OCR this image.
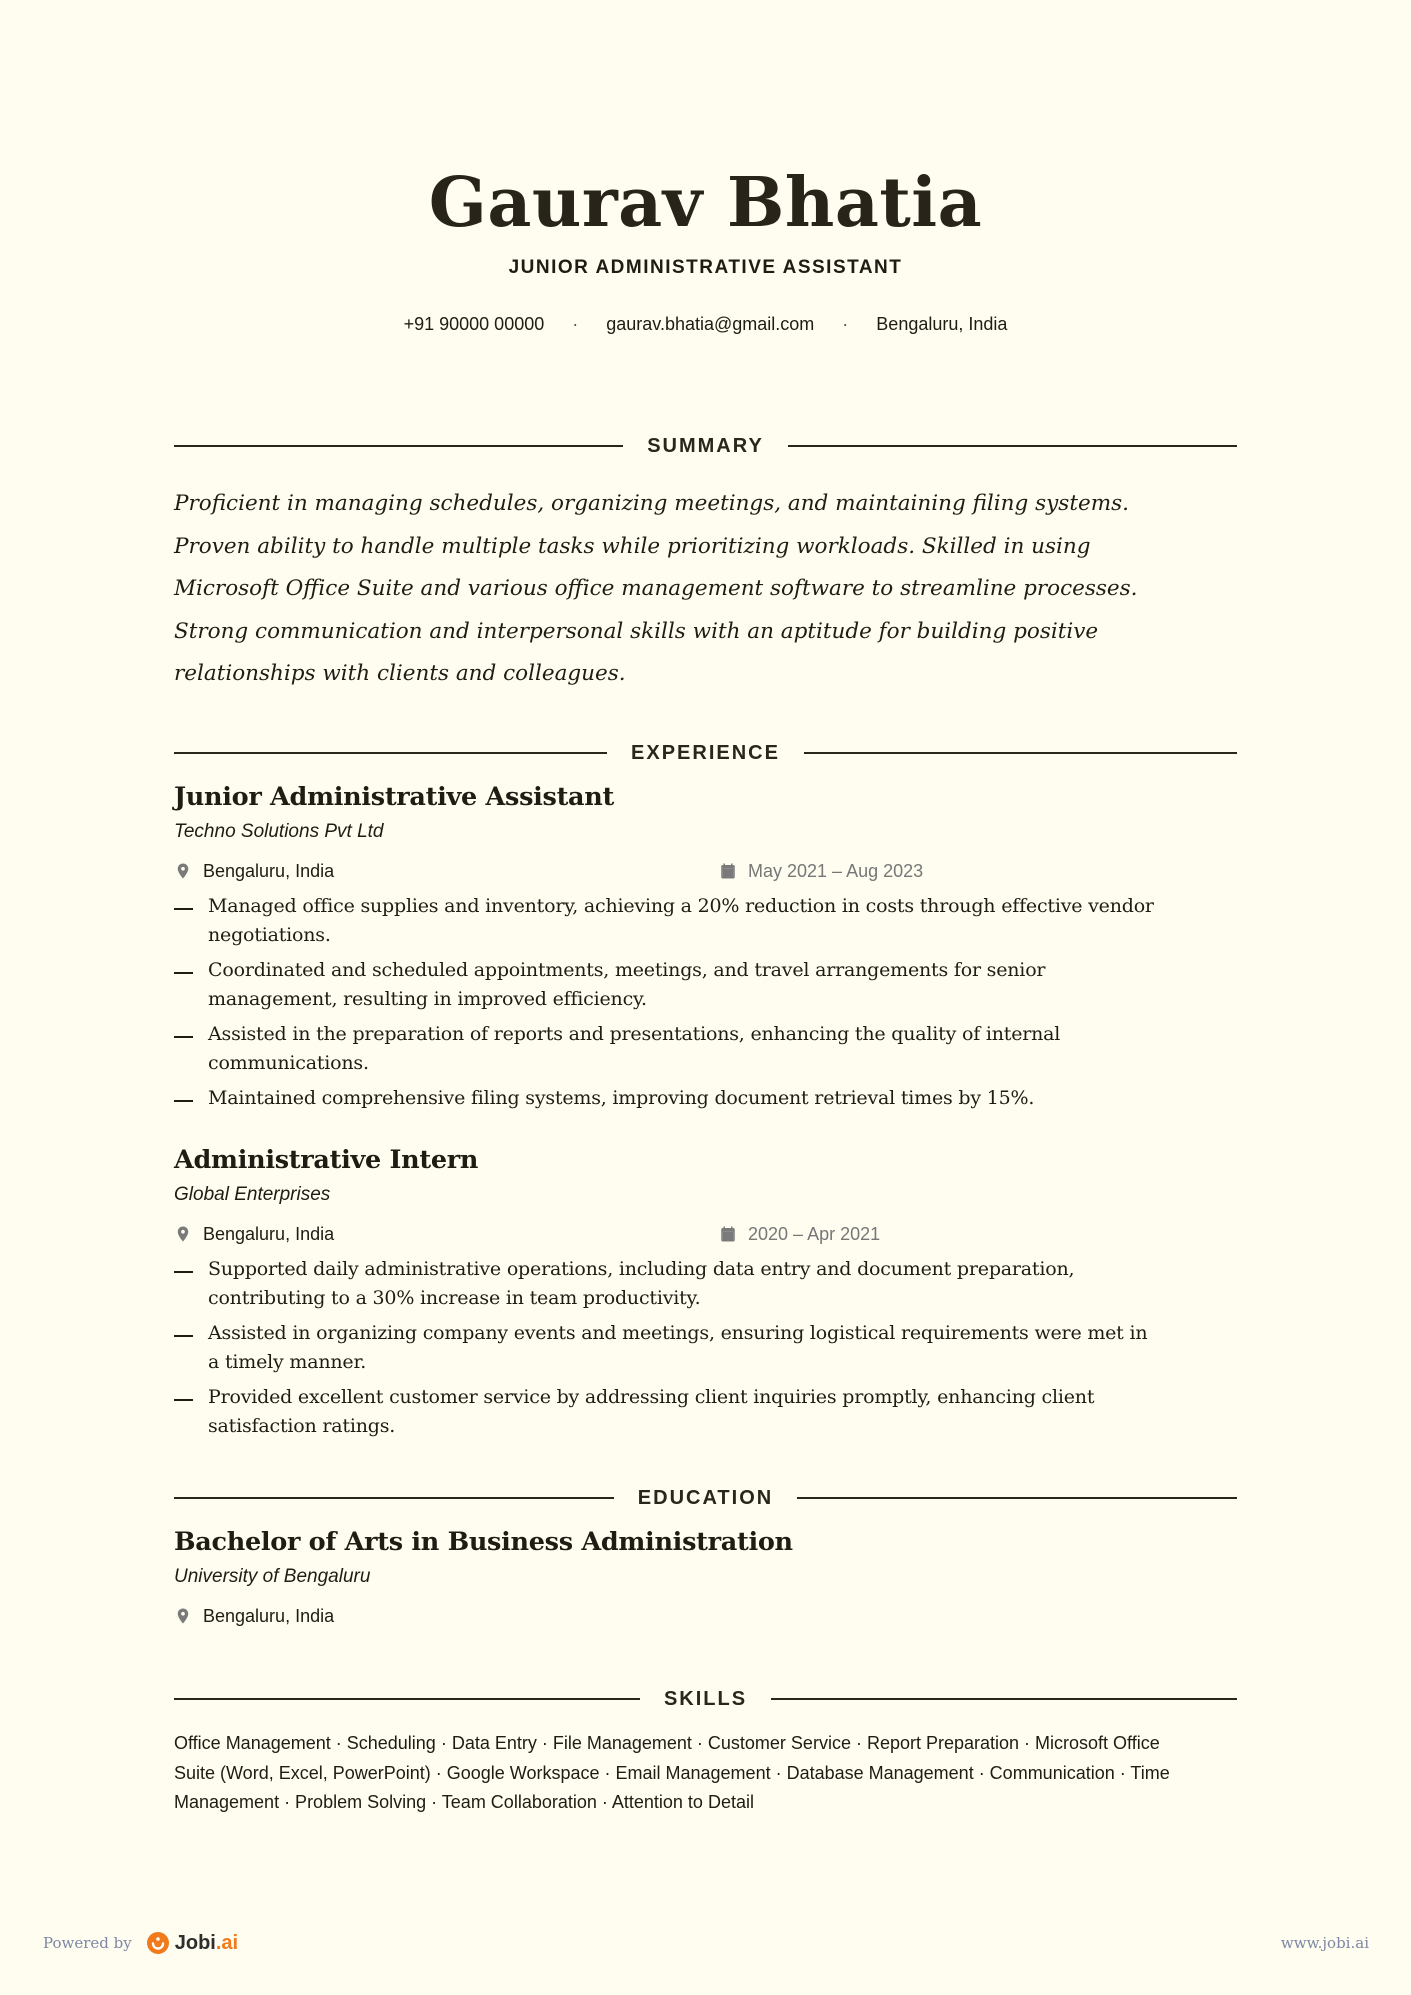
Gaurav Bhatia
JUNIOR ADMINISTRATIVE ASSISTANT
+91 90000 00000 · gaurav.bhatia@gmail.com · Bengaluru, India
SUMMARY
Proficient in managing schedules, organizing meetings, and maintaining filing systems.
Proven ability to handle multiple tasks while prioritizing workloads. Skilled in using
Microsoft Office Suite and various office management software to streamline processes.
Strong communication and interpersonal skills with an aptitude for building positive
relationships with clients and colleagues.
EXPERIENCE
Junior Administrative Assistant
Techno Solutions Pvt Ltd
Bengaluru, India	May 2021 – Aug 2023
Managed office supplies and inventory, achieving a 20% reduction in costs through effective vendor
negotiations.
Coordinated and scheduled appointments, meetings, and travel arrangements for senior
management, resulting in improved efficiency.
Assisted in the preparation of reports and presentations, enhancing the quality of internal
communications.
Maintained comprehensive filing systems, improving document retrieval times by 15%.
Administrative Intern
Global Enterprises
Bengaluru, India	2020 – Apr 2021
Supported daily administrative operations, including data entry and document preparation,
contributing to a 30% increase in team productivity.
Assisted in organizing company events and meetings, ensuring logistical requirements were met in
a timely manner.
Provided excellent customer service by addressing client inquiries promptly, enhancing client
satisfaction ratings.
EDUCATION
Bachelor of Arts in Business Administration
University of Bengaluru
Bengaluru, India
SKILLS
Office Management · Scheduling · Data Entry · File Management · Customer Service · Report Preparation · Microsoft Office
Suite (Word, Excel, PowerPoint) · Google Workspace · Email Management · Database Management · Communication · Time
Management · Problem Solving · Team Collaboration · Attention to Detail
Powered by Jobi.ai	www.jobi.ai
